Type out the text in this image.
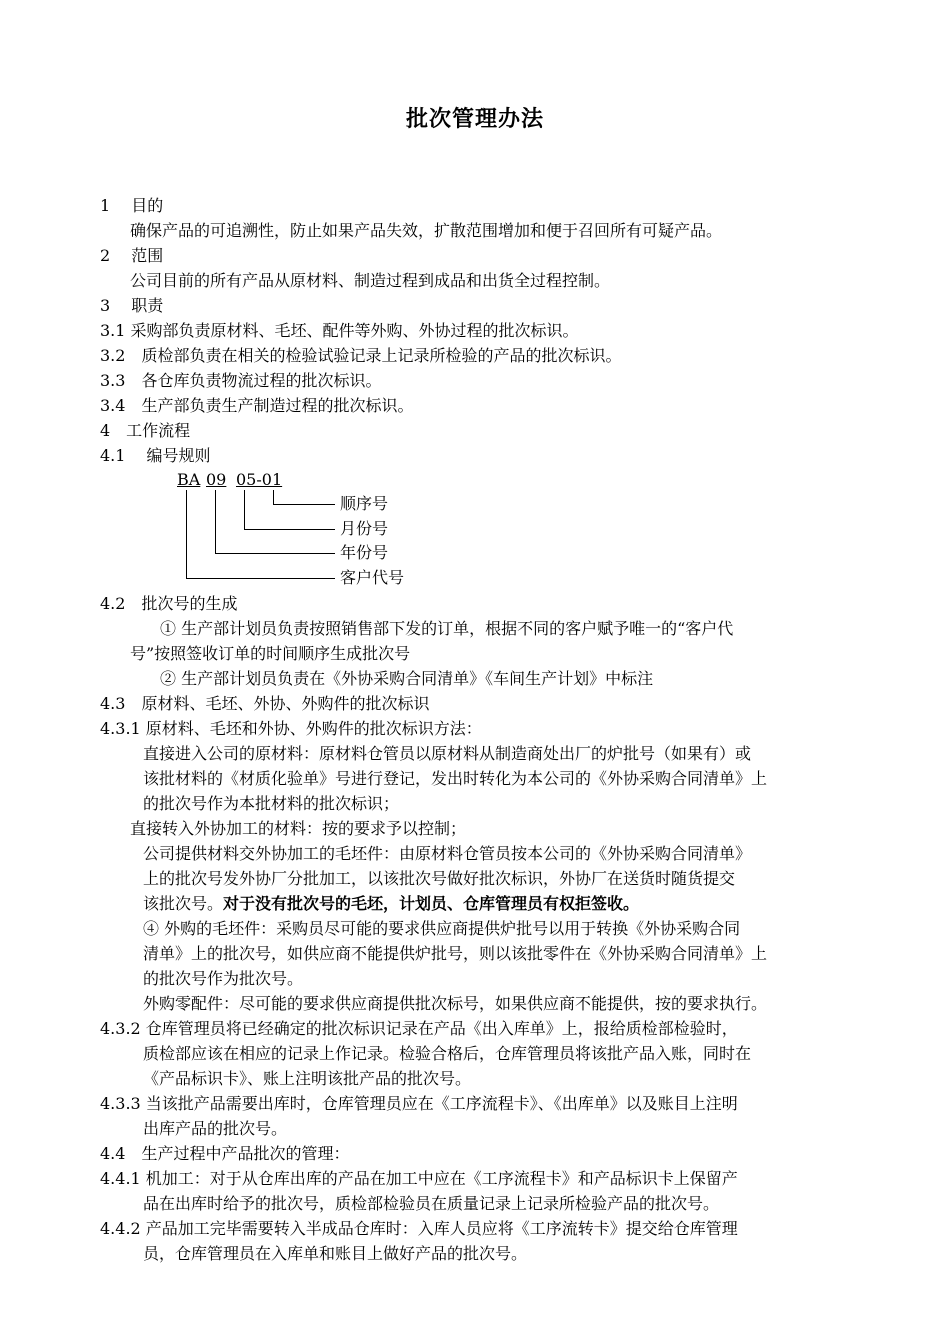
批次管理办法
1　 目的
确保产品的可追溯性，防止如果产品失效，扩散范围增加和便于召回所有可疑产品。
2　 范围
公司目前的所有产品从原材料、制造过程到成品和出货全过程控制。
3　 职责
3.1 采购部负责原材料、毛坯、配件等外购、外协过程的批次标识。
3.2　质检部负责在相关的检验试验记录上记录所检验的产品的批次标识。
3.3　各仓库负责物流过程的批次标识。
3.4　生产部负责生产制造过程的批次标识。
4　工作流程
4.1　 编号规则
BA 09 05-01
顺序号
月份号
年份号
客户代号
4.2　批次号的生成
① 生产部计划员负责按照销售部下发的订单，根据不同的客户赋予唯一的“客户代
号”按照签收订单的时间顺序生成批次号
② 生产部计划员负责在《外协采购合同清单》《车间生产计划》中标注
4.3　原材料、毛坯、外协、外购件的批次标识
4.3.1 原材料、毛坯和外协、外购件的批次标识方法：
直接进入公司的原材料：原材料仓管员以原材料从制造商处出厂的炉批号（如果有）或
该批材料的《材质化验单》号进行登记，发出时转化为本公司的《外协采购合同清单》上
的批次号作为本批材料的批次标识；
直接转入外协加工的材料：按的要求予以控制；
公司提供材料交外协加工的毛坯件：由原材料仓管员按本公司的《外协采购合同清单》
上的批次号发外协厂分批加工，以该批次号做好批次标识，外协厂在送货时随货提交
该批次号。对于没有批次号的毛坯，计划员、仓库管理员有权拒签收。
④ 外购的毛坯件：采购员尽可能的要求供应商提供炉批号以用于转换《外协采购合同
清单》上的批次号，如供应商不能提供炉批号，则以该批零件在《外协采购合同清单》上
的批次号作为批次号。
外购零配件：尽可能的要求供应商提供批次标号，如果供应商不能提供，按的要求执行。
4.3.2 仓库管理员将已经确定的批次标识记录在产品《出入库单》上，报给质检部检验时，
质检部应该在相应的记录上作记录。检验合格后，仓库管理员将该批产品入账，同时在
《产品标识卡》、账上注明该批产品的批次号。
4.3.3 当该批产品需要出库时，仓库管理员应在《工序流程卡》、《出库单》以及账目上注明
出库产品的批次号。
4.4　生产过程中产品批次的管理：
4.4.1 机加工：对于从仓库出库的产品在加工中应在《工序流程卡》和产品标识卡上保留产
品在出库时给予的批次号，质检部检验员在质量记录上记录所检验产品的批次号。
4.4.2 产品加工完毕需要转入半成品仓库时：入库人员应将《工序流转卡》提交给仓库管理
员，仓库管理员在入库单和账目上做好产品的批次号。
